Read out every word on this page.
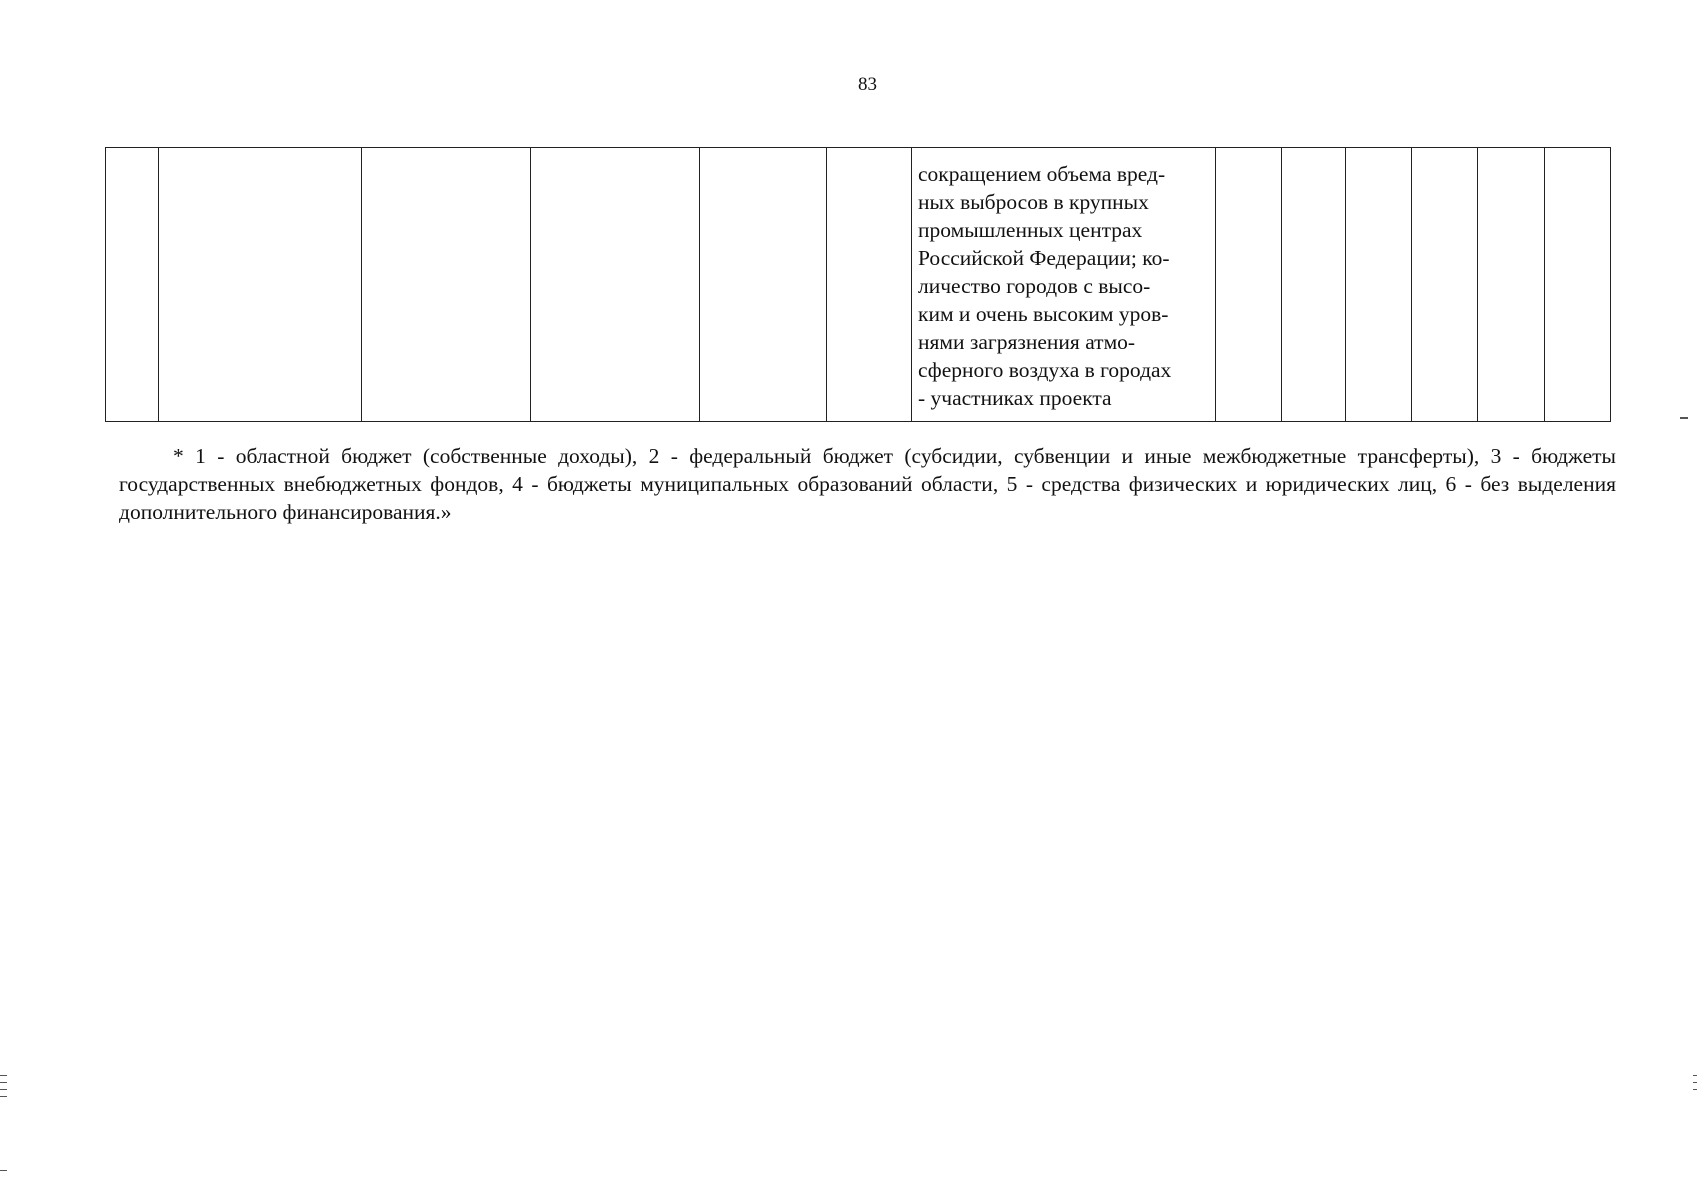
83
						сокращением объема вред-
ных выбросов в крупных
промышленных центрах
Российской Федерации; ко-
личество городов с высо-
ким и очень высоким уров-
нями загрязнения атмо-
сферного воздуха в городах
- участниках проекта						
* 1 - областной бюджет (собственные доходы), 2 - федеральный бюджет (субсидии, субвенции и иные межбюджетные трансферты), 3 - бюджеты государственных внебюджетных фондов, 4 - бюджеты муниципальных образований области, 5 - средства физических и юридических лиц, 6 - без выделения дополнительного финансирования.»
